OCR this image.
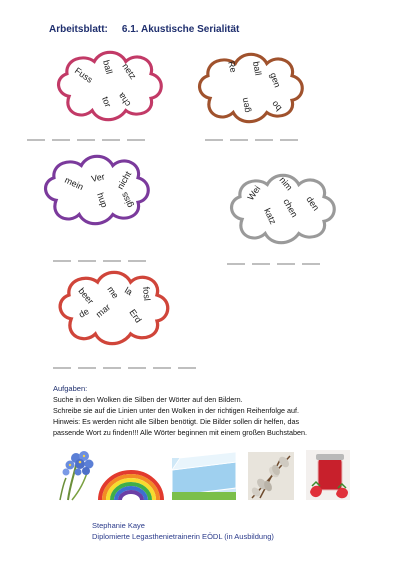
Arbeitsblatt: 6.1. Akustische Serialität
Fuss ball netz
cha
tor
Re ball
gen
bo
gen
mein Ver nicht
giss
hup	Wei
nim
den
chen
katz
beer me la fosl
de mar Erd
Aufgaben:
Suche in den Wolken die Silben der Wörter auf den Bildern.
Schreibe sie auf die Linien unter den Wolken in der richtigen Reihenfolge auf.
Hinweis: Es werden nicht alle Silben benötigt. Die Bilder sollen dir helfen, das
passende Wort zu finden!!! Alle Wörter beginnen mit einem großen Buchstaben.
Stephanie Kaye
Diplomierte Legasthenietrainerin EÖDL (in Ausbildung)
